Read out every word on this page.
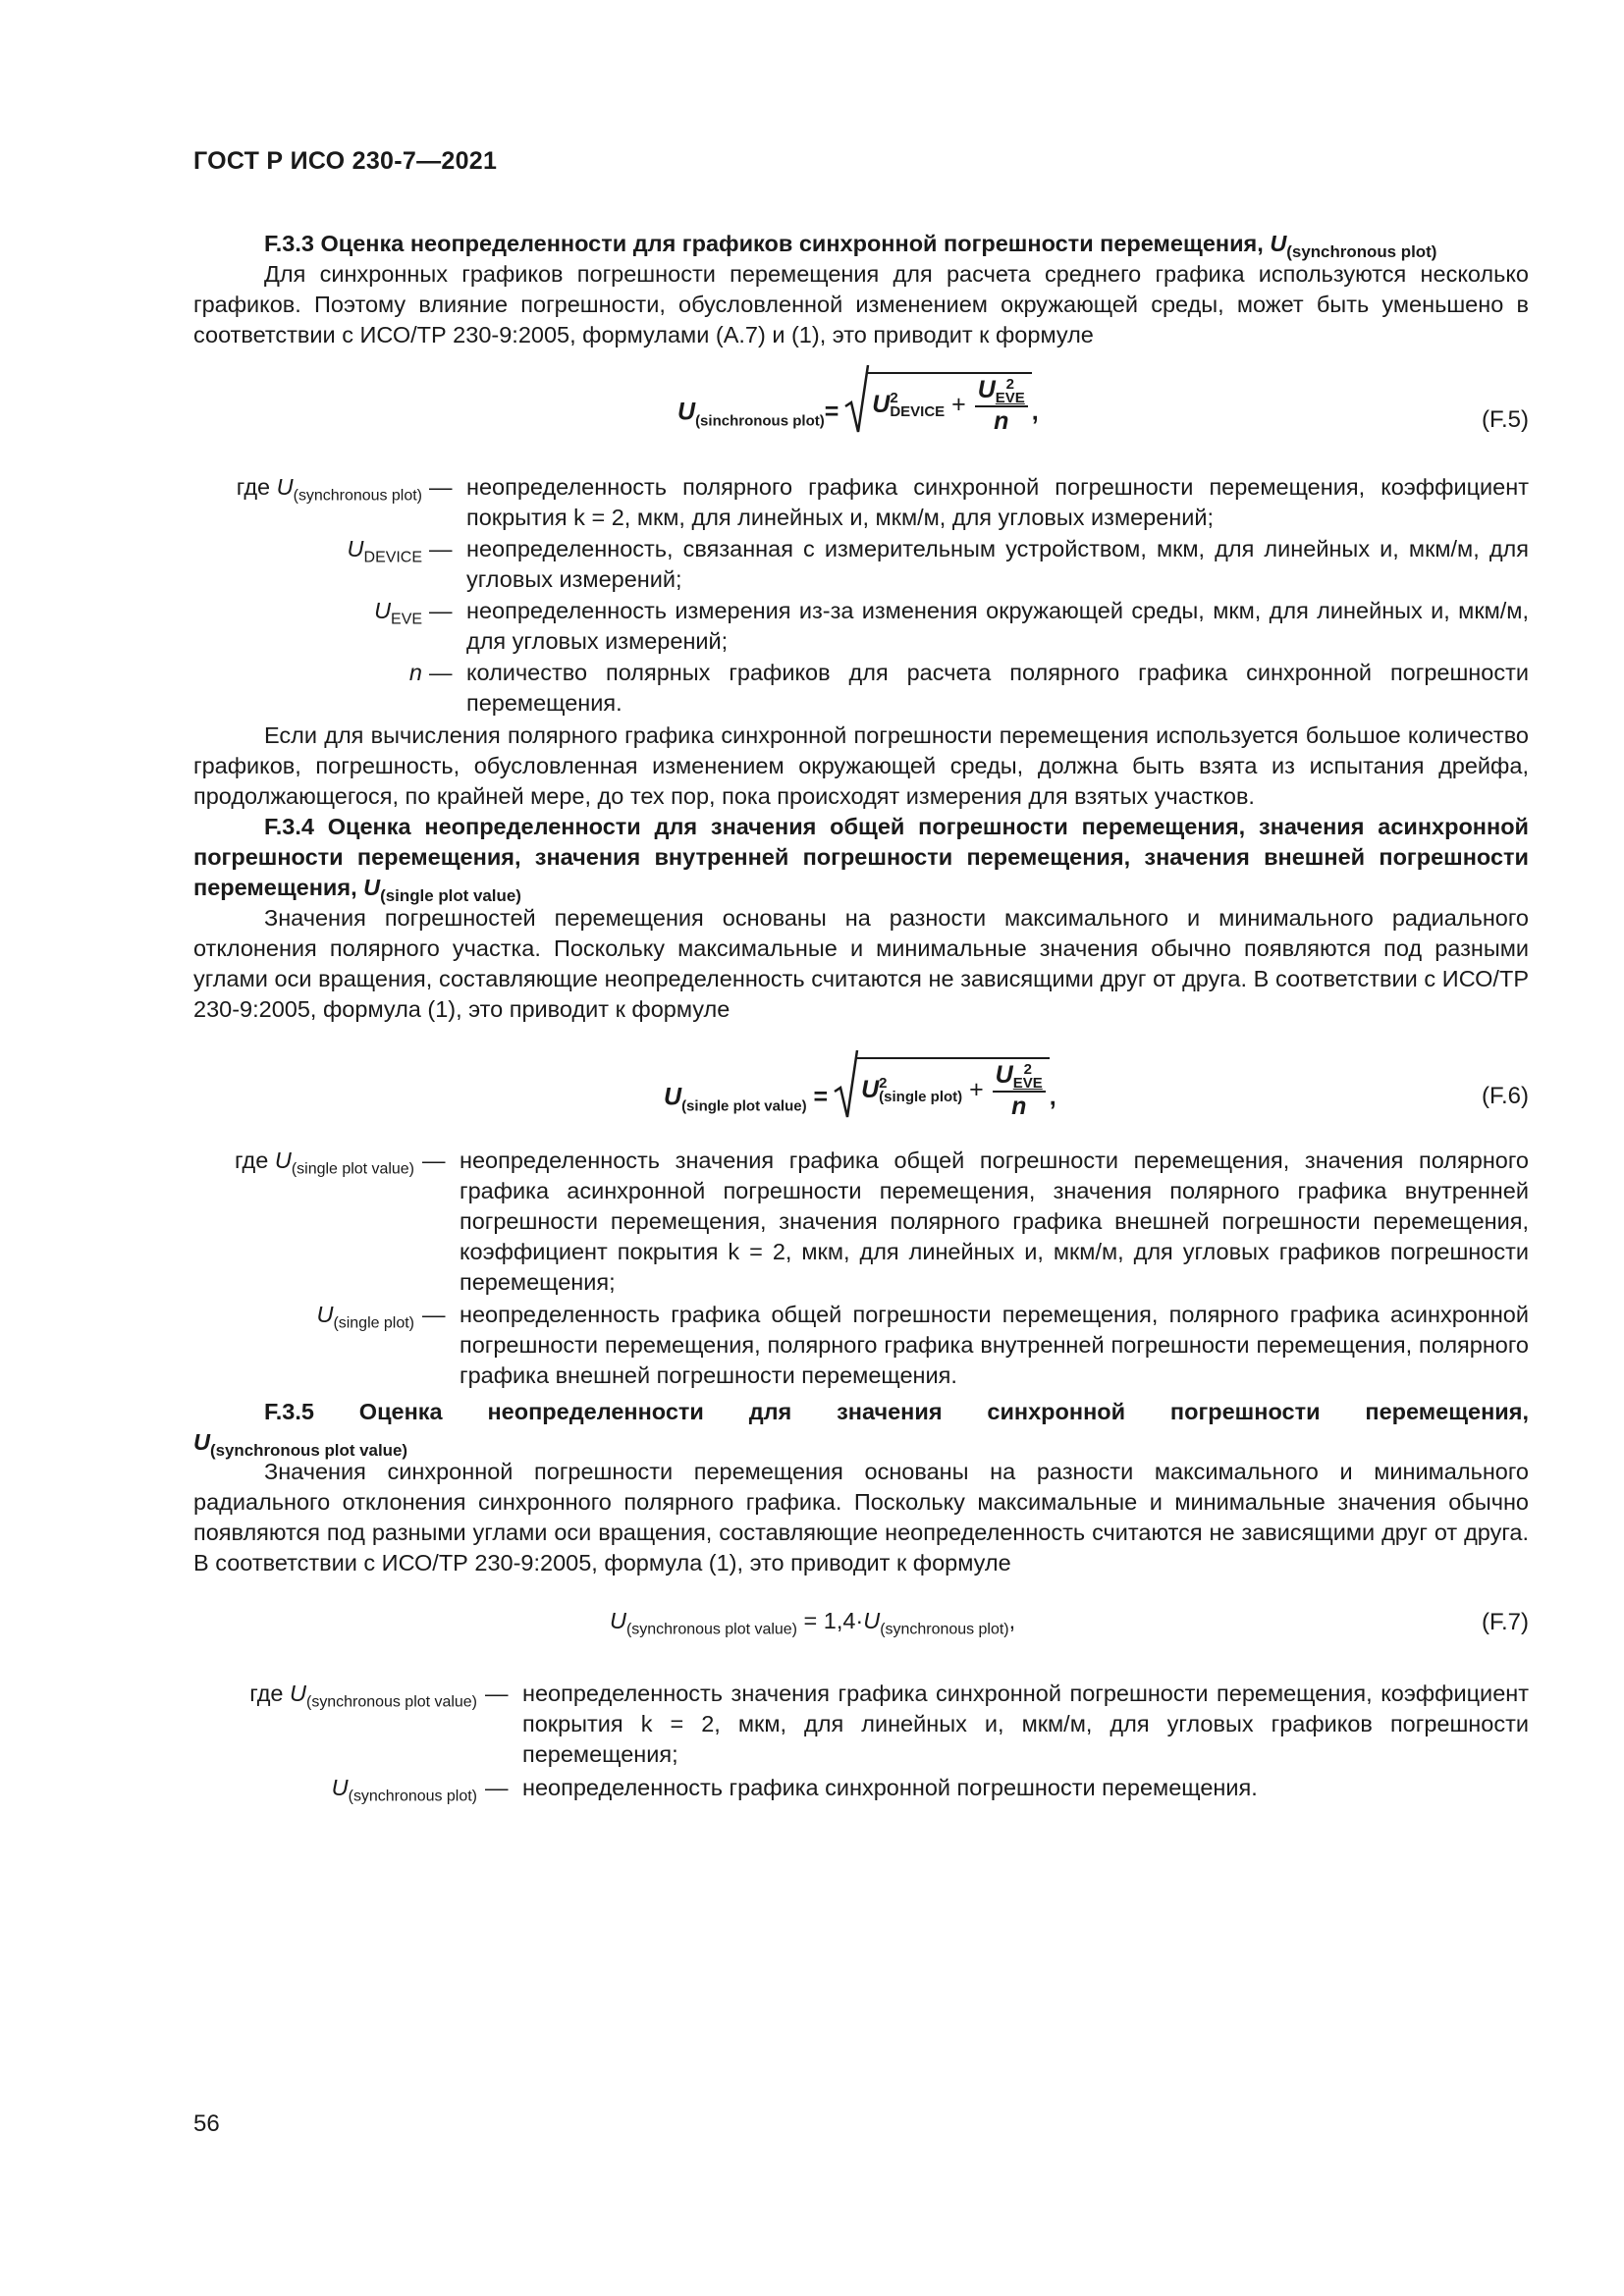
ГОСТ Р ИСО 230-7—2021
F.3.3 Оценка неопределенности для графиков синхронной погрешности перемещения, $U_{(synchronous plot)}$
Для синхронных графиков погрешности перемещения для расчета среднего графика используются несколько графиков. Поэтому влияние погрешности, обусловленной изменением окружающей среды, может быть уменьшено в соответствии с ИСО/ТР 230-9:2005, формулами (А.7) и (1), это приводит к формуле
$U_{(sinchronous plot)}= U$ 2
DEVICE + U 2
EVE
n ,	(F.5)
где $U_{(synchronous plot)}$ — неопределенность полярного графика синхронной погрешности перемещения, коэффициент покрытия k = 2, мкм, для линейных и, мкм/м, для угловых измерений;
$U_{DEVICE}$ — неопределенность, связанная с измерительным устройством, мкм, для линейных и, мкм/м, для угловых измерений;
$U_{EVE}$ — неопределенность измерения из-за изменения окружающей среды, мкм, для линейных и, мкм/м, для угловых измерений;
n — количество полярных графиков для расчета полярного графика синхронной погрешности перемещения.
Если для вычисления полярного графика синхронной погрешности перемещения используется большое количество графиков, погрешность, обусловленная изменением окружающей среды, должна быть взята из испытания дрейфа, продолжающегося, по крайней мере, до тех пор, пока происходят измерения для взятых участков.
F.3.4 Оценка неопределенности для значения общей погрешности перемещения, значения асинхронной погрешности перемещения, значения внутренней погрешности перемещения, значения внешней погрешности перемещения, $U_{(single plot value)}$
Значения погрешностей перемещения основаны на разности максимального и минимального радиального отклонения полярного участка. Поскольку максимальные и минимальные значения обычно появляются под разными углами оси вращения, составляющие неопределенность считаются не зависящими друг от друга. В соответствии с ИСО/ТР 230-9:2005, формула (1), это приводит к формуле
$U_{(single plot value)} = U$ 2
(single plot) + U 2
EVE
n ,	(F.6)
где $U_{(single plot value)}$ — неопределенность значения графика общей погрешности перемещения, значения полярного графика асинхронной погрешности перемещения, значения полярного графика внутренней погрешности перемещения, значения полярного графика внешней погрешности перемещения, коэффициент покрытия k = 2, мкм, для линейных и, мкм/м, для угловых графиков погрешности перемещения;
$U_{(single plot)}$ — неопределенность графика общей погрешности перемещения, полярного графика асинхронной погрешности перемещения, полярного графика внутренней погрешности перемещения, полярного графика внешней погрешности перемещения.
F.3.5 Оценка неопределенности для значения синхронной погрешности перемещения,
$U_{(synchronous plot value)}$
Значения синхронной погрешности перемещения основаны на разности максимального и минимального радиального отклонения синхронного полярного графика. Поскольку максимальные и минимальные значения обычно появляются под разными углами оси вращения, составляющие неопределенность считаются не зависящими друг от друга. В соответствии с ИСО/ТР 230-9:2005, формула (1), это приводит к формуле
$U_{(synchronous plot value)} = 1,4\cdot U_{(synchronous plot)}$,	(F.7)
где $U_{(synchronous plot value)}$ — неопределенность значения графика синхронной погрешности перемещения, коэффициент покрытия k = 2, мкм, для линейных и, мкм/м, для угловых графиков погрешности перемещения;
$U_{(synchronous plot)}$ — неопределенность графика синхронной погрешности перемещения.
56
